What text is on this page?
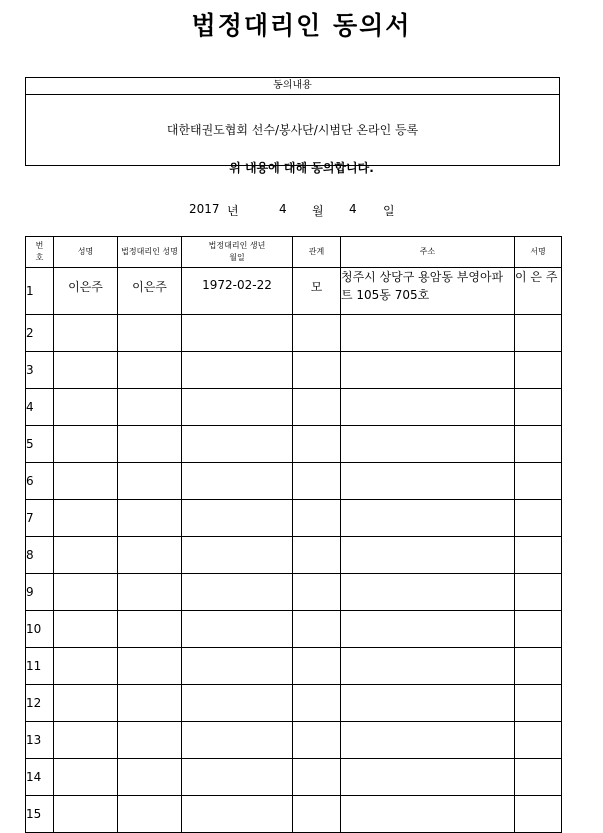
법정대리인 동의서
동의내용
대한태권도협회 선수/봉사단/시범단 온라인 등록
위 내용에 대해 동의합니다.
2017 년	4 월 4 일
번호	성명	법정대리인 성명	법정대리인 생년월일	관계	주소	서명
1	이은주	이은주	1972-02-22	모	청주시 상당구 용암동 부영아파트 105동 705호	이 은 주
2						
3						
4						
5						
6						
7						
8						
9						
10						
11						
12						
13						
14						
15						
